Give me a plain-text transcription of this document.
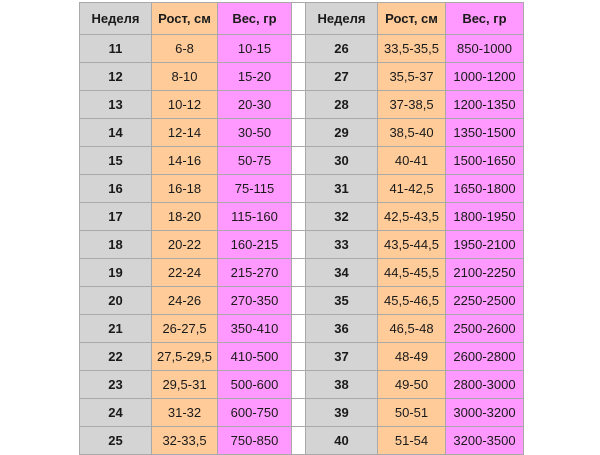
Неделя	Рост, см	Вес, гр		Неделя	Рост, см	Вес, гр
11	6-8	10-15		26	33,5-35,5	850-1000
12	8-10	15-20		27	35,5-37	1000-1200
13	10-12	20-30		28	37-38,5	1200-1350
14	12-14	30-50		29	38,5-40	1350-1500
15	14-16	50-75		30	40-41	1500-1650
16	16-18	75-115		31	41-42,5	1650-1800
17	18-20	115-160		32	42,5-43,5	1800-1950
18	20-22	160-215		33	43,5-44,5	1950-2100
19	22-24	215-270		34	44,5-45,5	2100-2250
20	24-26	270-350		35	45,5-46,5	2250-2500
21	26-27,5	350-410		36	46,5-48	2500-2600
22	27,5-29,5	410-500		37	48-49	2600-2800
23	29,5-31	500-600		38	49-50	2800-3000
24	31-32	600-750		39	50-51	3000-3200
25	32-33,5	750-850		40	51-54	3200-3500
